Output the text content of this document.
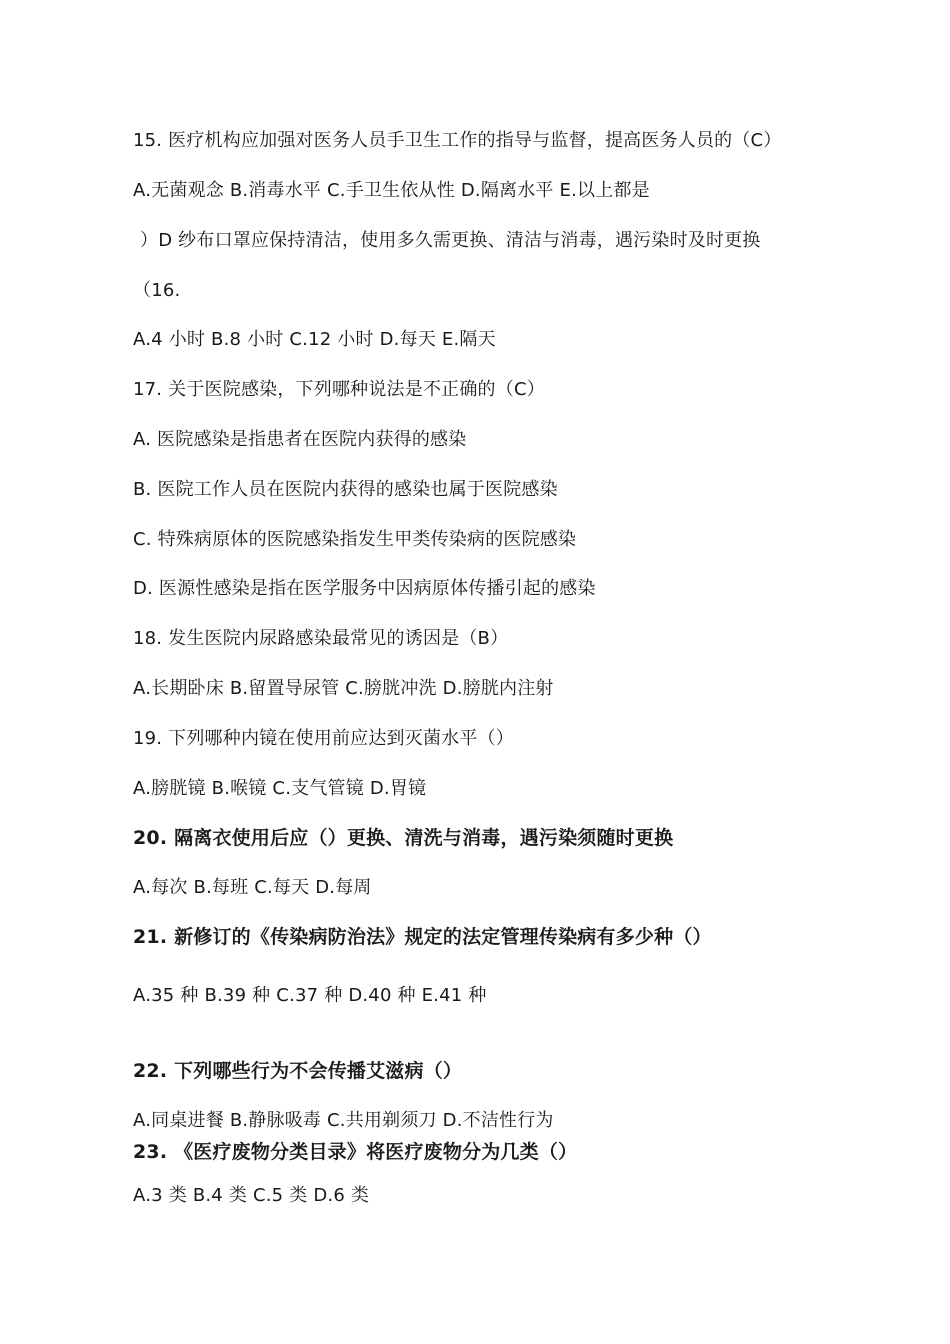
15. 医疗机构应加强对医务人员手卫生工作的指导与监督，提高医务人员的（C）
A.无菌观念 B.消毒水平 C.手卫生依从性 D.隔离水平 E.以上都是
）D 纱布口罩应保持清洁，使用多久需更换、清洁与消毒，遇污染时及时更换
（16.
A.4 小时 B.8 小时 C.12 小时 D.每天 E.隔天
17. 关于医院感染，下列哪种说法是不正确的（C）
A. 医院感染是指患者在医院内获得的感染
B. 医院工作人员在医院内获得的感染也属于医院感染
C. 特殊病原体的医院感染指发生甲类传染病的医院感染
D. 医源性感染是指在医学服务中因病原体传播引起的感染
18. 发生医院内尿路感染最常见的诱因是（B）
A.长期卧床 B.留置导尿管 C.膀胱冲洗 D.膀胱内注射
19. 下列哪种内镜在使用前应达到灭菌水平（）
A.膀胱镜 B.喉镜 C.支气管镜 D.胃镜
20. 隔离衣使用后应（）更换、清洗与消毒，遇污染须随时更换
A.每次 B.每班 C.每天 D.每周
21. 新修订的《传染病防治法》规定的法定管理传染病有多少种（）
A.35 种 B.39 种 C.37 种 D.40 种 E.41 种
22. 下列哪些行为不会传播艾滋病（）
A.同桌进餐 B.静脉吸毒 C.共用剃须刀 D.不洁性行为
23. 《医疗废物分类目录》将医疗废物分为几类（）
A.3 类 B.4 类 C.5 类 D.6 类
